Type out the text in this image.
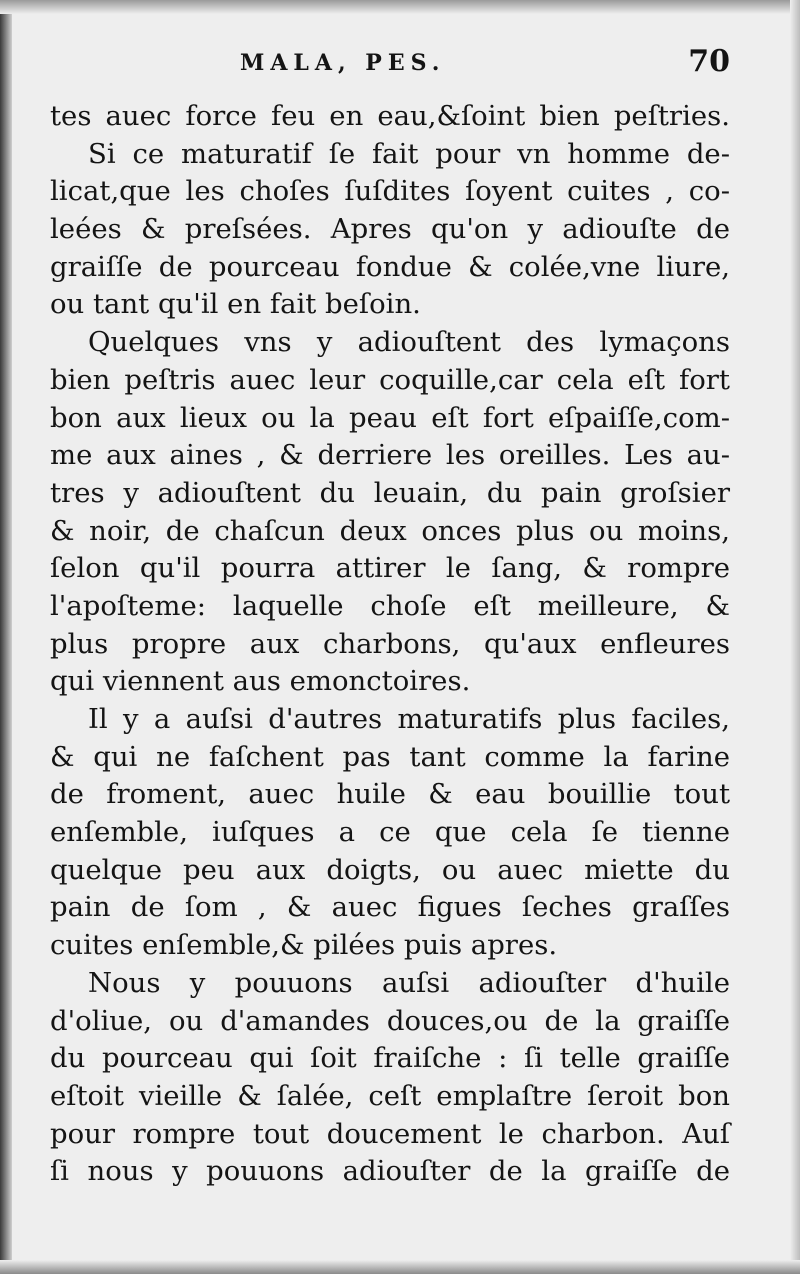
MALA, PES.	70
tes auec force feu en eau,&ſoint bien peſtries.
Si ce maturatif ſe fait pour vn homme de-
licat,que les choſes ſuſdites ſoyent cuites , co-
leées & preſsées. Apres qu'on y adiouſte de
graiſſe de pourceau fondue & colée,vne liure,
ou tant qu'il en fait beſoin.
Quelques vns y adiouſtent des lymaçons
bien peſtris auec leur coquille,car cela eſt fort
bon aux lieux ou la peau eſt fort eſpaiſſe,com-
me aux aines , & derriere les oreilles. Les au-
tres y adiouſtent du leuain, du pain groſsier
& noir, de chaſcun deux onces plus ou moins,
ſelon qu'il pourra attirer le ſang, & rompre
l'apoſteme: laquelle choſe eſt meilleure, &
plus propre aux charbons, qu'aux enfleures
qui viennent aus emonctoires.
Il y a auſsi d'autres maturatifs plus faciles,
& qui ne faſchent pas tant comme la farine
de froment, auec huile & eau bouillie tout
enſemble, iuſques a ce que cela ſe tienne
quelque peu aux doigts, ou auec miette du
pain de ſom , & auec figues ſeches graſſes
cuites enſemble,& pilées puis apres.
Nous y pouuons auſsi adiouſter d'huile
d'oliue, ou d'amandes douces,ou de la graiſſe
du pourceau qui ſoit fraiſche : ſi telle graiſſe
eſtoit vieille & ſalée, ceſt emplaſtre ſeroit bon
pour rompre tout doucement le charbon. Auſ
ſi nous y pouuons adiouſter de la graiſſe de
